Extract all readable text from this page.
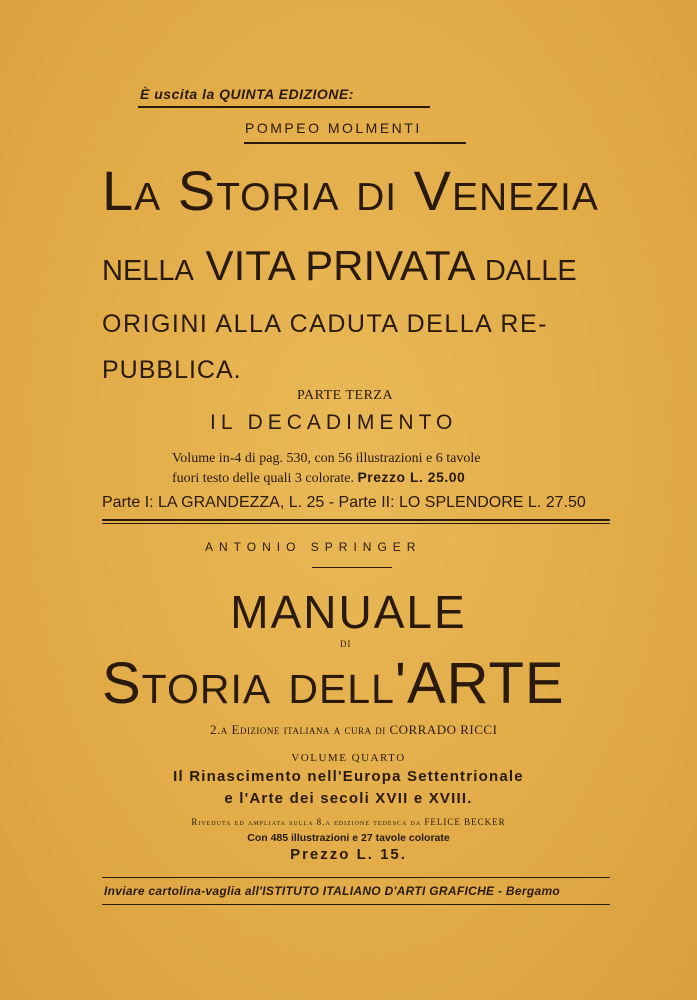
È uscita la QUINTA EDIZIONE:
POMPEO MOLMENTI
La Storia di Venezia
nella VITA PRIVATA dalle
ORIGINI ALLA CADUTA DELLA RE-
PUBBLICA.
PARTE TERZA
IL DECADIMENTO
Volume in-4 di pag. 530, con 56 illustrazioni e 6 tavole
fuori testo delle quali 3 colorate. Prezzo L. 25.00
Parte I: LA GRANDEZZA, L. 25 - Parte II: LO SPLENDORE L. 27.50
ANTONIO SPRINGER
MANUALE
DI
Storia dell'ARTE
2.a Edizione italiana a cura di CORRADO RICCI
VOLUME QUARTO
Il Rinascimento nell'Europa Settentrionale
e l'Arte dei secoli XVII e XVIII.
Riveduta ed ampliata sulla 8.a edizione tedesca da FELICE BECKER
Con 485 illustrazioni e 27 tavole colorate
Prezzo L. 15.
Inviare cartolina-vaglia all'ISTITUTO ITALIANO D'ARTI GRAFICHE - Bergamo
